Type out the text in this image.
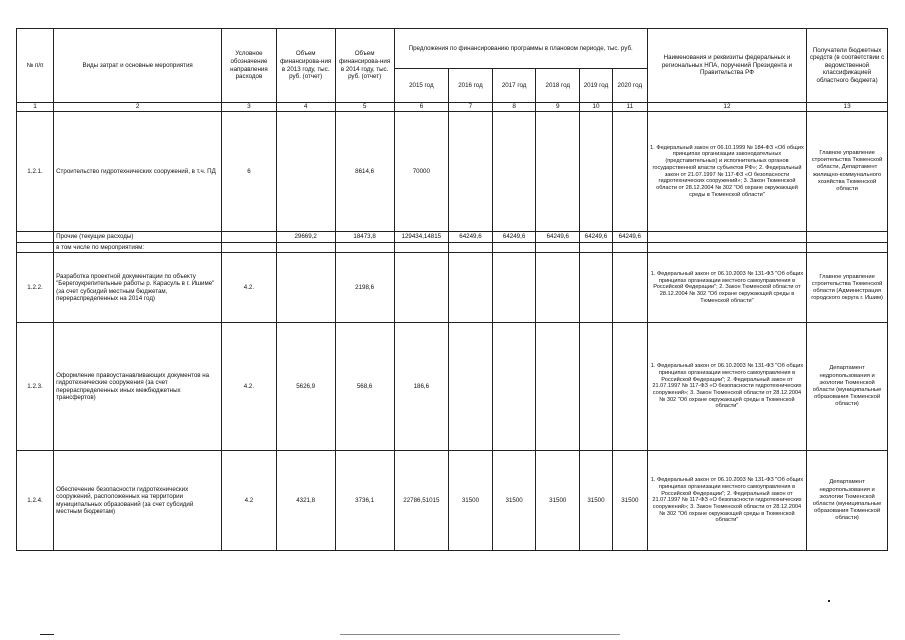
№ п/п	Виды затрат и основные мероприятия	Условное обозначение направления расходов	Объем финансирова-ния в 2013 году, тыс. руб. (отчет)	Объем финансирова-ния в 2014 году, тыс. руб. (отчет)	Предложения по финансированию программы в плановом периоде, тыс. руб.						Наименования и реквизиты федеральных и региональных НПА, поручений Президента и Правительства РФ	Получатели бюджетных средств (в соответствии с ведомственной классификацией областного бюджета)
					2015 год	2016 год	2017 год	2018 год	2019 год	2020 год		
1	2	3	4	5	6	7	8	9	10	11	12	13
1.2.1.	Строительство гидротехнических сооружений, в т.ч. ПД	6		8614,6	70000						1. Федеральный закон от 06.10.1999 № 184-ФЗ «Об общих принципах организации законодательных (представительных) и исполнительных органов государственной власти субъектов РФ»; 2. Федеральный закон от 21.07.1997 № 117-ФЗ «О безопасности гидротехнических сооружений»; 3. Закон Тюменской области от 28.12.2004 № 302 "Об охране окружающей среды в Тюменской области"	Главное управление строительства Тюменской области, Департамент жилищно-коммунального хозяйства Тюменской области
	Прочие (текущие расходы)		29669,2	18473,8	129434,14815	64249,6	64249,6	64249,6	64249,6	64249,6		
	в том числе по мероприятиям:											
1.2.2.	Разработка проектной документации по объекту "Берегоукрепительные работы р. Карасуль в г. Ишиме" (за счет субсидий местным бюджетам, перераспределенных на 2014 год)	4.2.		2198,6							1. Федеральный закон от 06.10.2003 № 131-ФЗ "Об общих принципах организации местного самоуправления в Российской Федерации"; 2. Закон Тюменской области от 28.12.2004 № 302 "Об охране окружающей среды в Тюменской области"	Главное управление строительства Тюменской области (Администрация городского округа г. Ишим)
1.2.3.	Оформление правоустанавливающих документов на гидротехнические сооружения (за счет перераспределенных иных межбюджетных трансфертов)	4.2.	5626,9	568,6	186,6						1. Федеральный закон от 06.10.2003 № 131-ФЗ "Об общих принципах организации местного самоуправления в Российской Федерации"; 2. Федеральный закон от 21.07.1997 № 117-ФЗ «О безопасности гидротехнических сооружений»; 3. Закон Тюменской области от 28.12.2004 № 302 "Об охране окружающей среды в Тюменской области"	Департамент недропользования и экологии Тюменской области (муниципальные образования Тюменской области)
1.2.4.	Обеспечение безопасности гидротехнических сооружений, расположенных на территории муниципальных образований (за счет субсидий местным бюджетам)	4.2	4321,8	3736,1	22786,51015	31500	31500	31500	31500	31500	1. Федеральный закон от 06.10.2003 № 131-ФЗ "Об общих принципах организации местного самоуправления в Российской Федерации"; 2. Федеральный закон от 21.07.1997 № 117-ФЗ «О безопасности гидротехнических сооружений»; 3. Закон Тюменской области от 28.12.2004 № 302 "Об охране окружающей среды в Тюменской области"	Департамент недропользования и экологии Тюменской области (муниципальные образования Тюменской области)
